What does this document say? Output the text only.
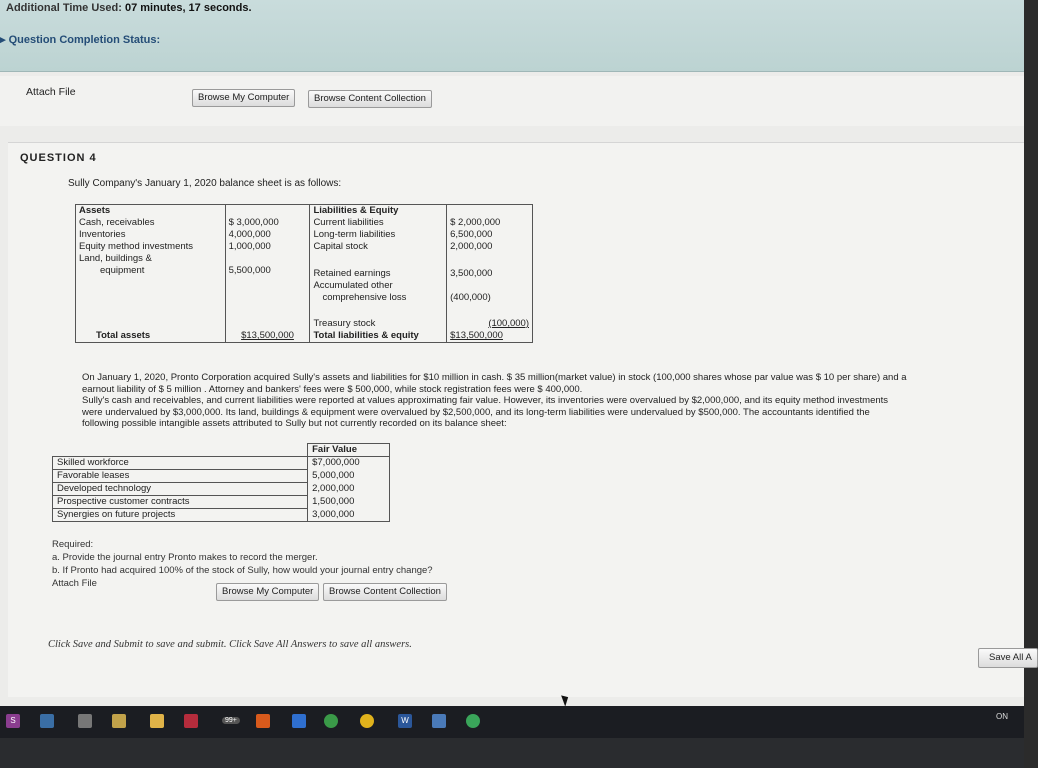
Additional Time Used: 07 minutes, 17 seconds.
▸ Question Completion Status:
Attach File	Browse My Computer	Browse Content Collection
QUESTION 4
Sully Company's January 1, 2020 balance sheet is as follows:
Assets		Liabilities & Equity	
Cash, receivables	$ 3,000,000	Current liabilities	$ 2,000,000
Inventories	4,000,000	Long-term liabilities	6,500,000
Equity method investments	1,000,000	Capital stock	2,000,000
Land, buildings &			
equipment	5,500,000	Retained earnings	3,500,000
		Accumulated other	
		comprehensive loss	(400,000)

		Treasury stock	(100,000)
Total assets	$13,500,000	Total liabilities & equity	$13,500,000
On January 1, 2020, Pronto Corporation acquired Sully's assets and liabilities for $10 million in cash. $ 35 million(market value) in stock (100,000 shares whose par value was $ 10 per share) and a
earnout liability of $ 5 million . Attorney and bankers' fees were $ 500,000, while stock registration fees were $ 400,000.
Sully's cash and receivables, and current liabilities were reported at values approximating fair value. However, its inventories were overvalued by $2,000,000, and its equity method investments
were undervalued by $3,000,000. Its land, buildings & equipment were overvalued by $2,500,000, and its long-term liabilities were undervalued by $500,000. The accountants identified the
following possible intangible assets attributed to Sully but not currently recorded on its balance sheet:
	Fair Value
Skilled workforce	$7,000,000
Favorable leases	5,000,000
Developed technology	2,000,000
Prospective customer contracts	1,500,000
Synergies on future projects	3,000,000
Required:
a. Provide the journal entry Pronto makes to record the merger.
b. If Pronto had acquired 100% of the stock of Sully, how would your journal entry change?
Attach File
Browse My Computer	Browse Content Collection
Click Save and Submit to save and submit. Click Save All Answers to save all answers.
Save All A
S	99+	W	ON
